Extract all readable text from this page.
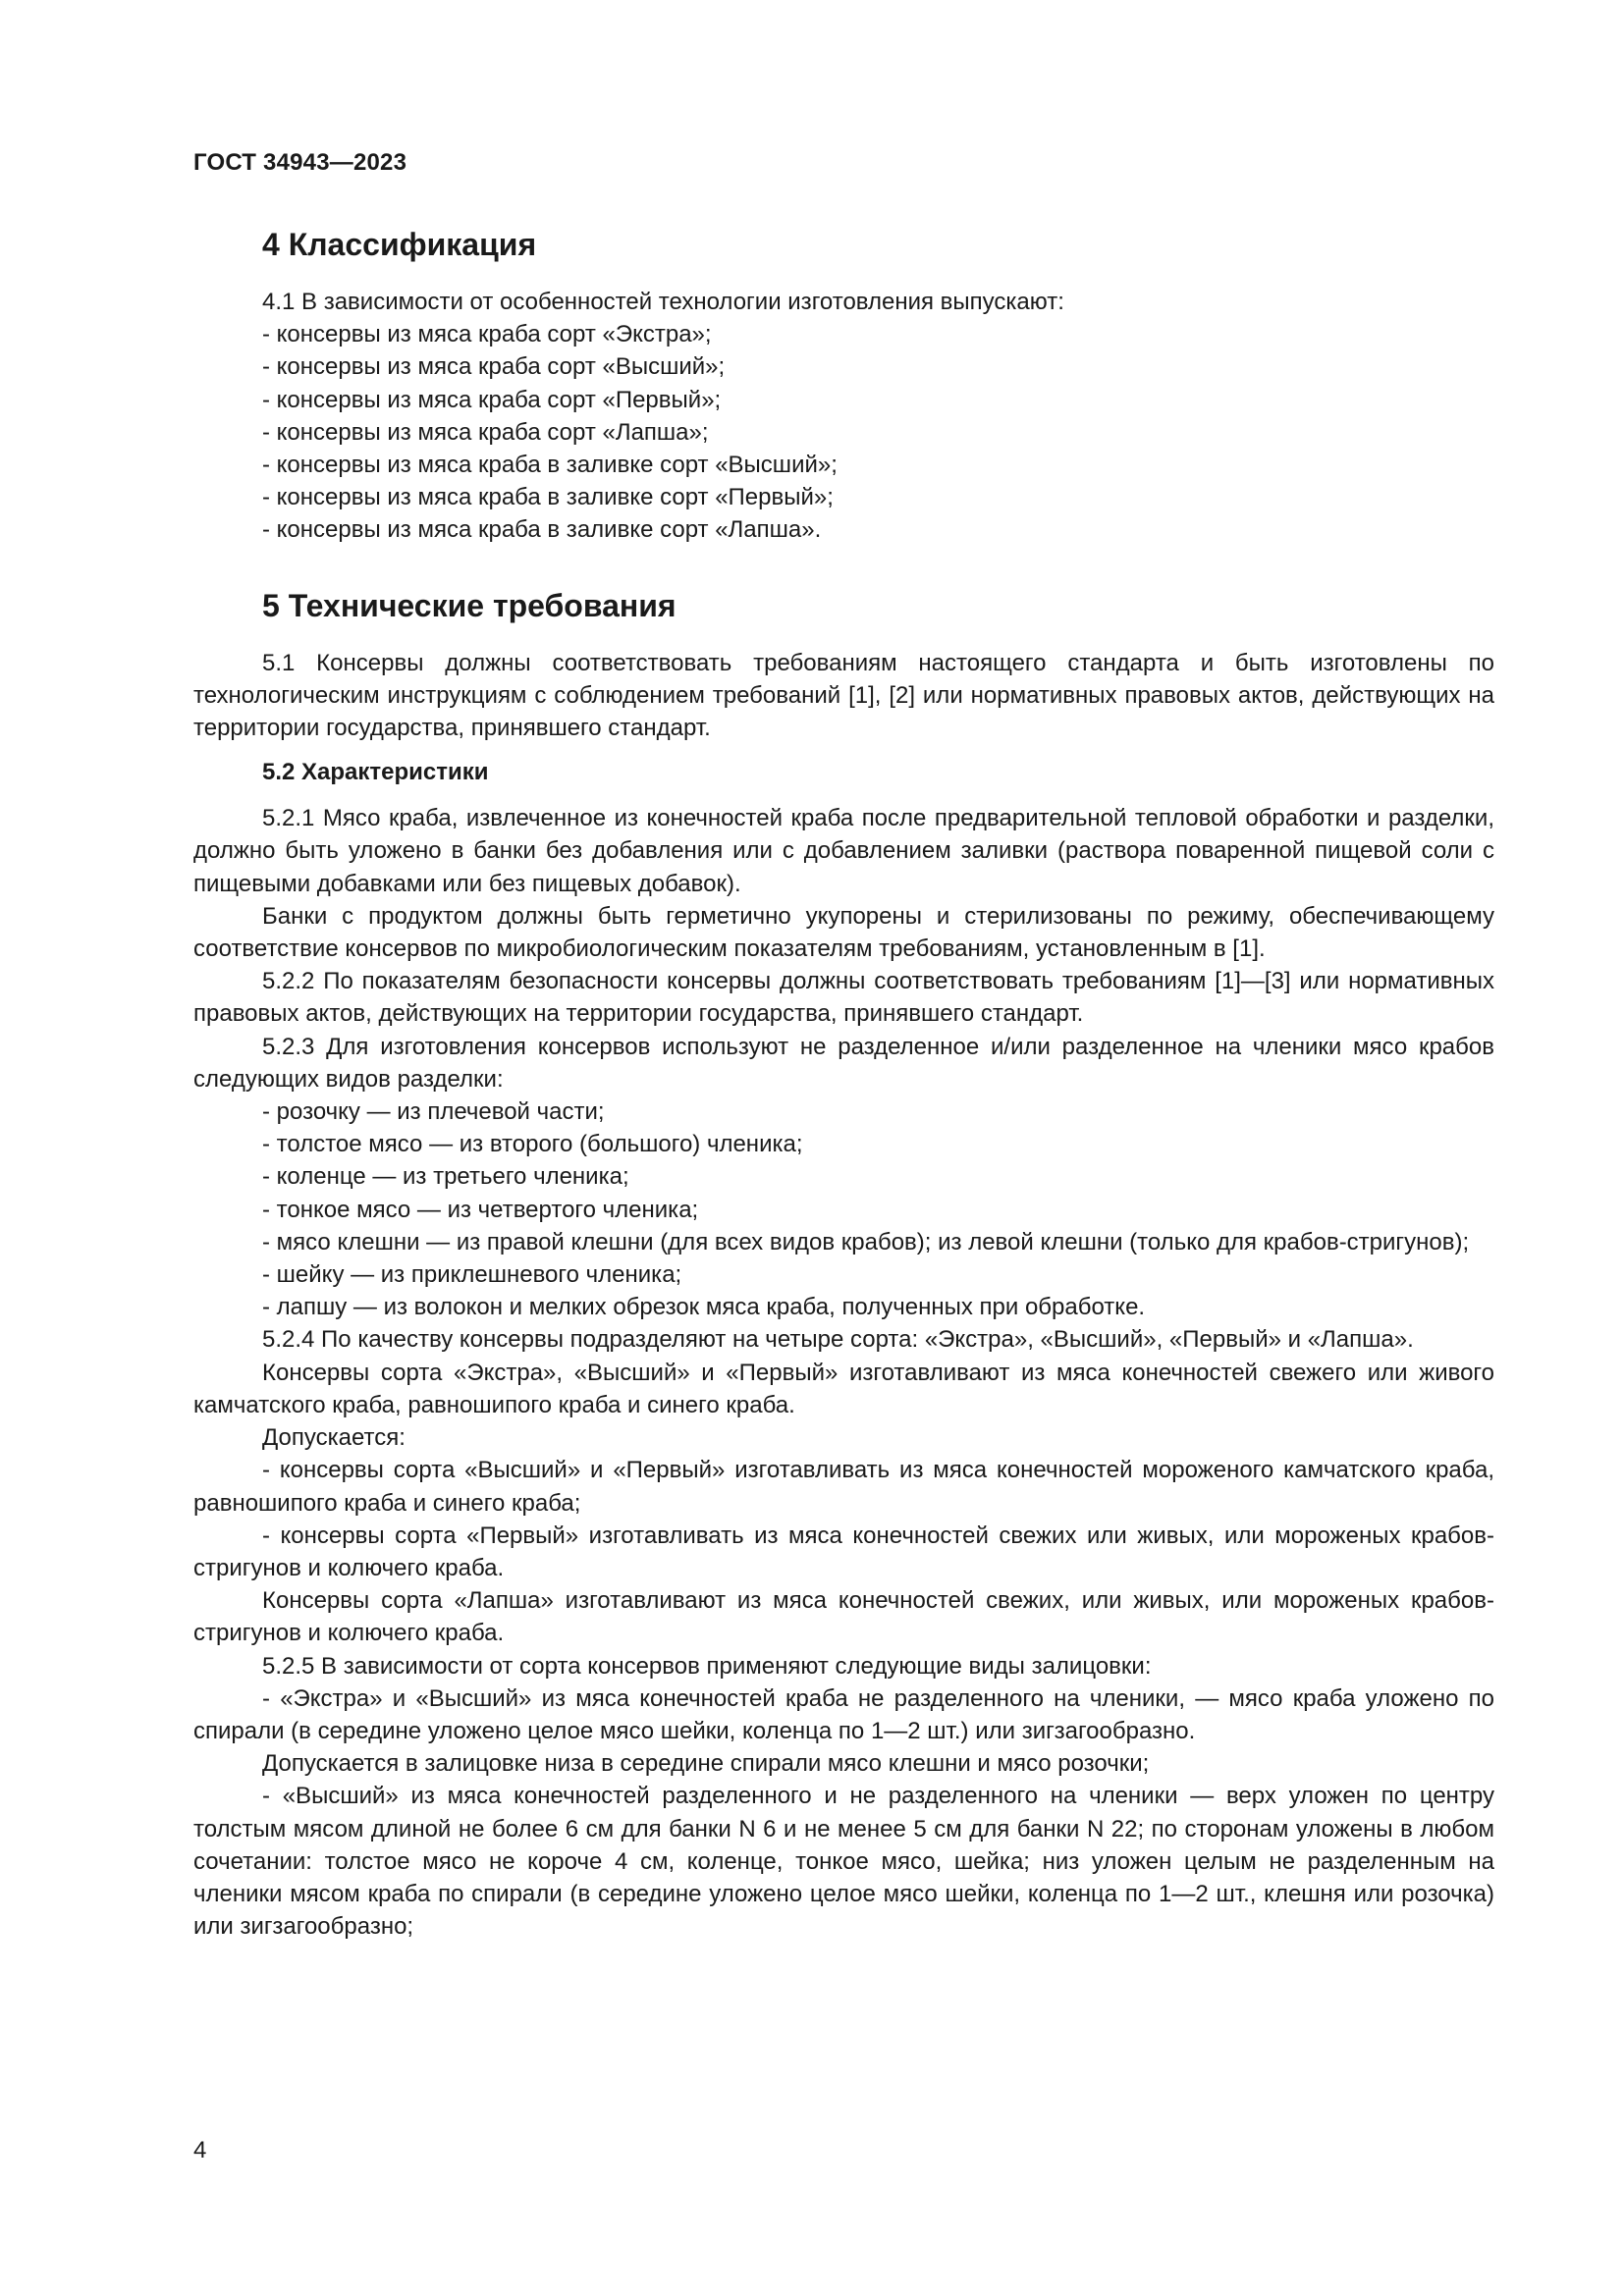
ГОСТ 34943—2023
4 Классификация

4.1 В зависимости от особенностей технологии изготовления выпускают:

- консервы из мяса краба сорт «Экстра»;

- консервы из мяса краба сорт «Высший»;

- консервы из мяса краба сорт «Первый»;

- консервы из мяса краба сорт «Лапша»;

- консервы из мяса краба в заливке сорт «Высший»;

- консервы из мяса краба в заливке сорт «Первый»;

- консервы из мяса краба в заливке сорт «Лапша».

5 Технические требования

5.1 Консервы должны соответствовать требованиям настоящего стандарта и быть изготовлены по технологическим инструкциям с соблюдением требований [1], [2] или нормативных правовых актов, действующих на территории государства, принявшего стандарт.

5.2 Характеристики

5.2.1 Мясо краба, извлеченное из конечностей краба после предварительной тепловой обработки и разделки, должно быть уложено в банки без добавления или с добавлением заливки (раствора поваренной пищевой соли с пищевыми добавками или без пищевых добавок).

Банки с продуктом должны быть герметично укупорены и стерилизованы по режиму, обеспечивающему соответствие консервов по микробиологическим показателям требованиям, установленным в [1].

5.2.2 По показателям безопасности консервы должны соответствовать требованиям [1]—[3] или нормативных правовых актов, действующих на территории государства, принявшего стандарт.

5.2.3 Для изготовления консервов используют не разделенное и/или разделенное на членики мясо крабов следующих видов разделки:

- розочку — из плечевой части;

- толстое мясо — из второго (большого) членика;

- коленце — из третьего членика;

- тонкое мясо — из четвертого членика;

- мясо клешни — из правой клешни (для всех видов крабов); из левой клешни (только для крабов-стригунов);

- шейку — из приклешневого членика;

- лапшу — из волокон и мелких обрезок мяса краба, полученных при обработке.

5.2.4 По качеству консервы подразделяют на четыре сорта: «Экстра», «Высший», «Первый» и «Лапша».

Консервы сорта «Экстра», «Высший» и «Первый» изготавливают из мяса конечностей свежего или живого камчатского краба, равношипого краба и синего краба.

Допускается:

- консервы сорта «Высший» и «Первый» изготавливать из мяса конечностей мороженого камчатского краба, равношипого краба и синего краба;

- консервы сорта «Первый» изготавливать из мяса конечностей свежих или живых, или мороженых крабов-стригунов и колючего краба.

Консервы сорта «Лапша» изготавливают из мяса конечностей свежих, или живых, или мороженых крабов-стригунов и колючего краба.

5.2.5 В зависимости от сорта консервов применяют следующие виды залицовки:

- «Экстра» и «Высший» из мяса конечностей краба не разделенного на членики, — мясо краба уложено по спирали (в середине уложено целое мясо шейки, коленца по 1—2 шт.) или зигзагообразно.

Допускается в залицовке низа в середине спирали мясо клешни и мясо розочки;

- «Высший» из мяса конечностей разделенного и не разделенного на членики — верх уложен по центру толстым мясом длиной не более 6 см для банки N 6 и не менее 5 см для банки N 22; по сторонам уложены в любом сочетании: толстое мясо не короче 4 см, коленце, тонкое мясо, шейка; низ уложен целым не разделенным на членики мясом краба по спирали (в середине уложено целое мясо шейки, коленца по 1—2 шт., клешня или розочка) или зигзагообразно;

4
